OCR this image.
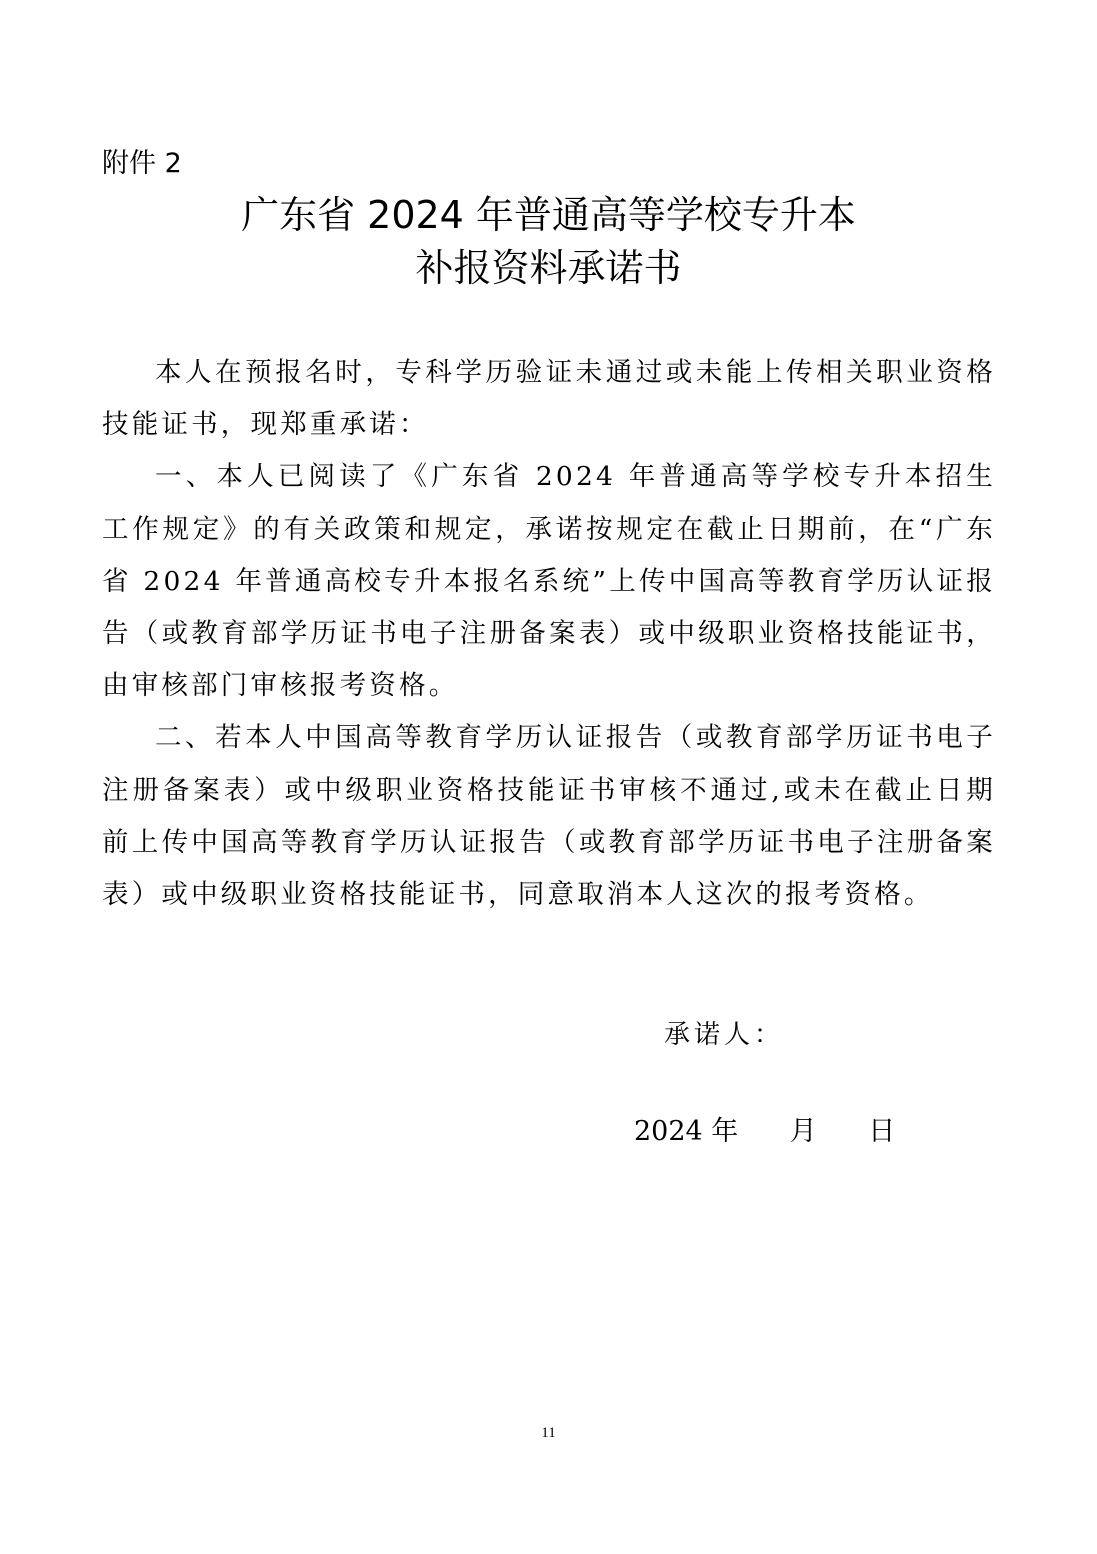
附件 2
广东省 2024 年普通高等学校专升本
补报资料承诺书

本人在预报名时，专科学历验证未通过或未能上传相关职业资格技能证书，现郑重承诺：

一、本人已阅读了《广东省 2024 年普通高等学校专升本招生工作规定》的有关政策和规定，承诺按规定在截止日期前，在“广东省 2024 年普通高校专升本报名系统”上传中国高等教育学历认证报告（或教育部学历证书电子注册备案表）或中级职业资格技能证书，由审核部门审核报考资格。

二、若本人中国高等教育学历认证报告（或教育部学历证书电子注册备案表）或中级职业资格技能证书审核不通过,或未在截止日期前上传中国高等教育学历认证报告（或教育部学历证书电子注册备案表）或中级职业资格技能证书，同意取消本人这次的报考资格。

承诺人：
2024 年      月      日
11
